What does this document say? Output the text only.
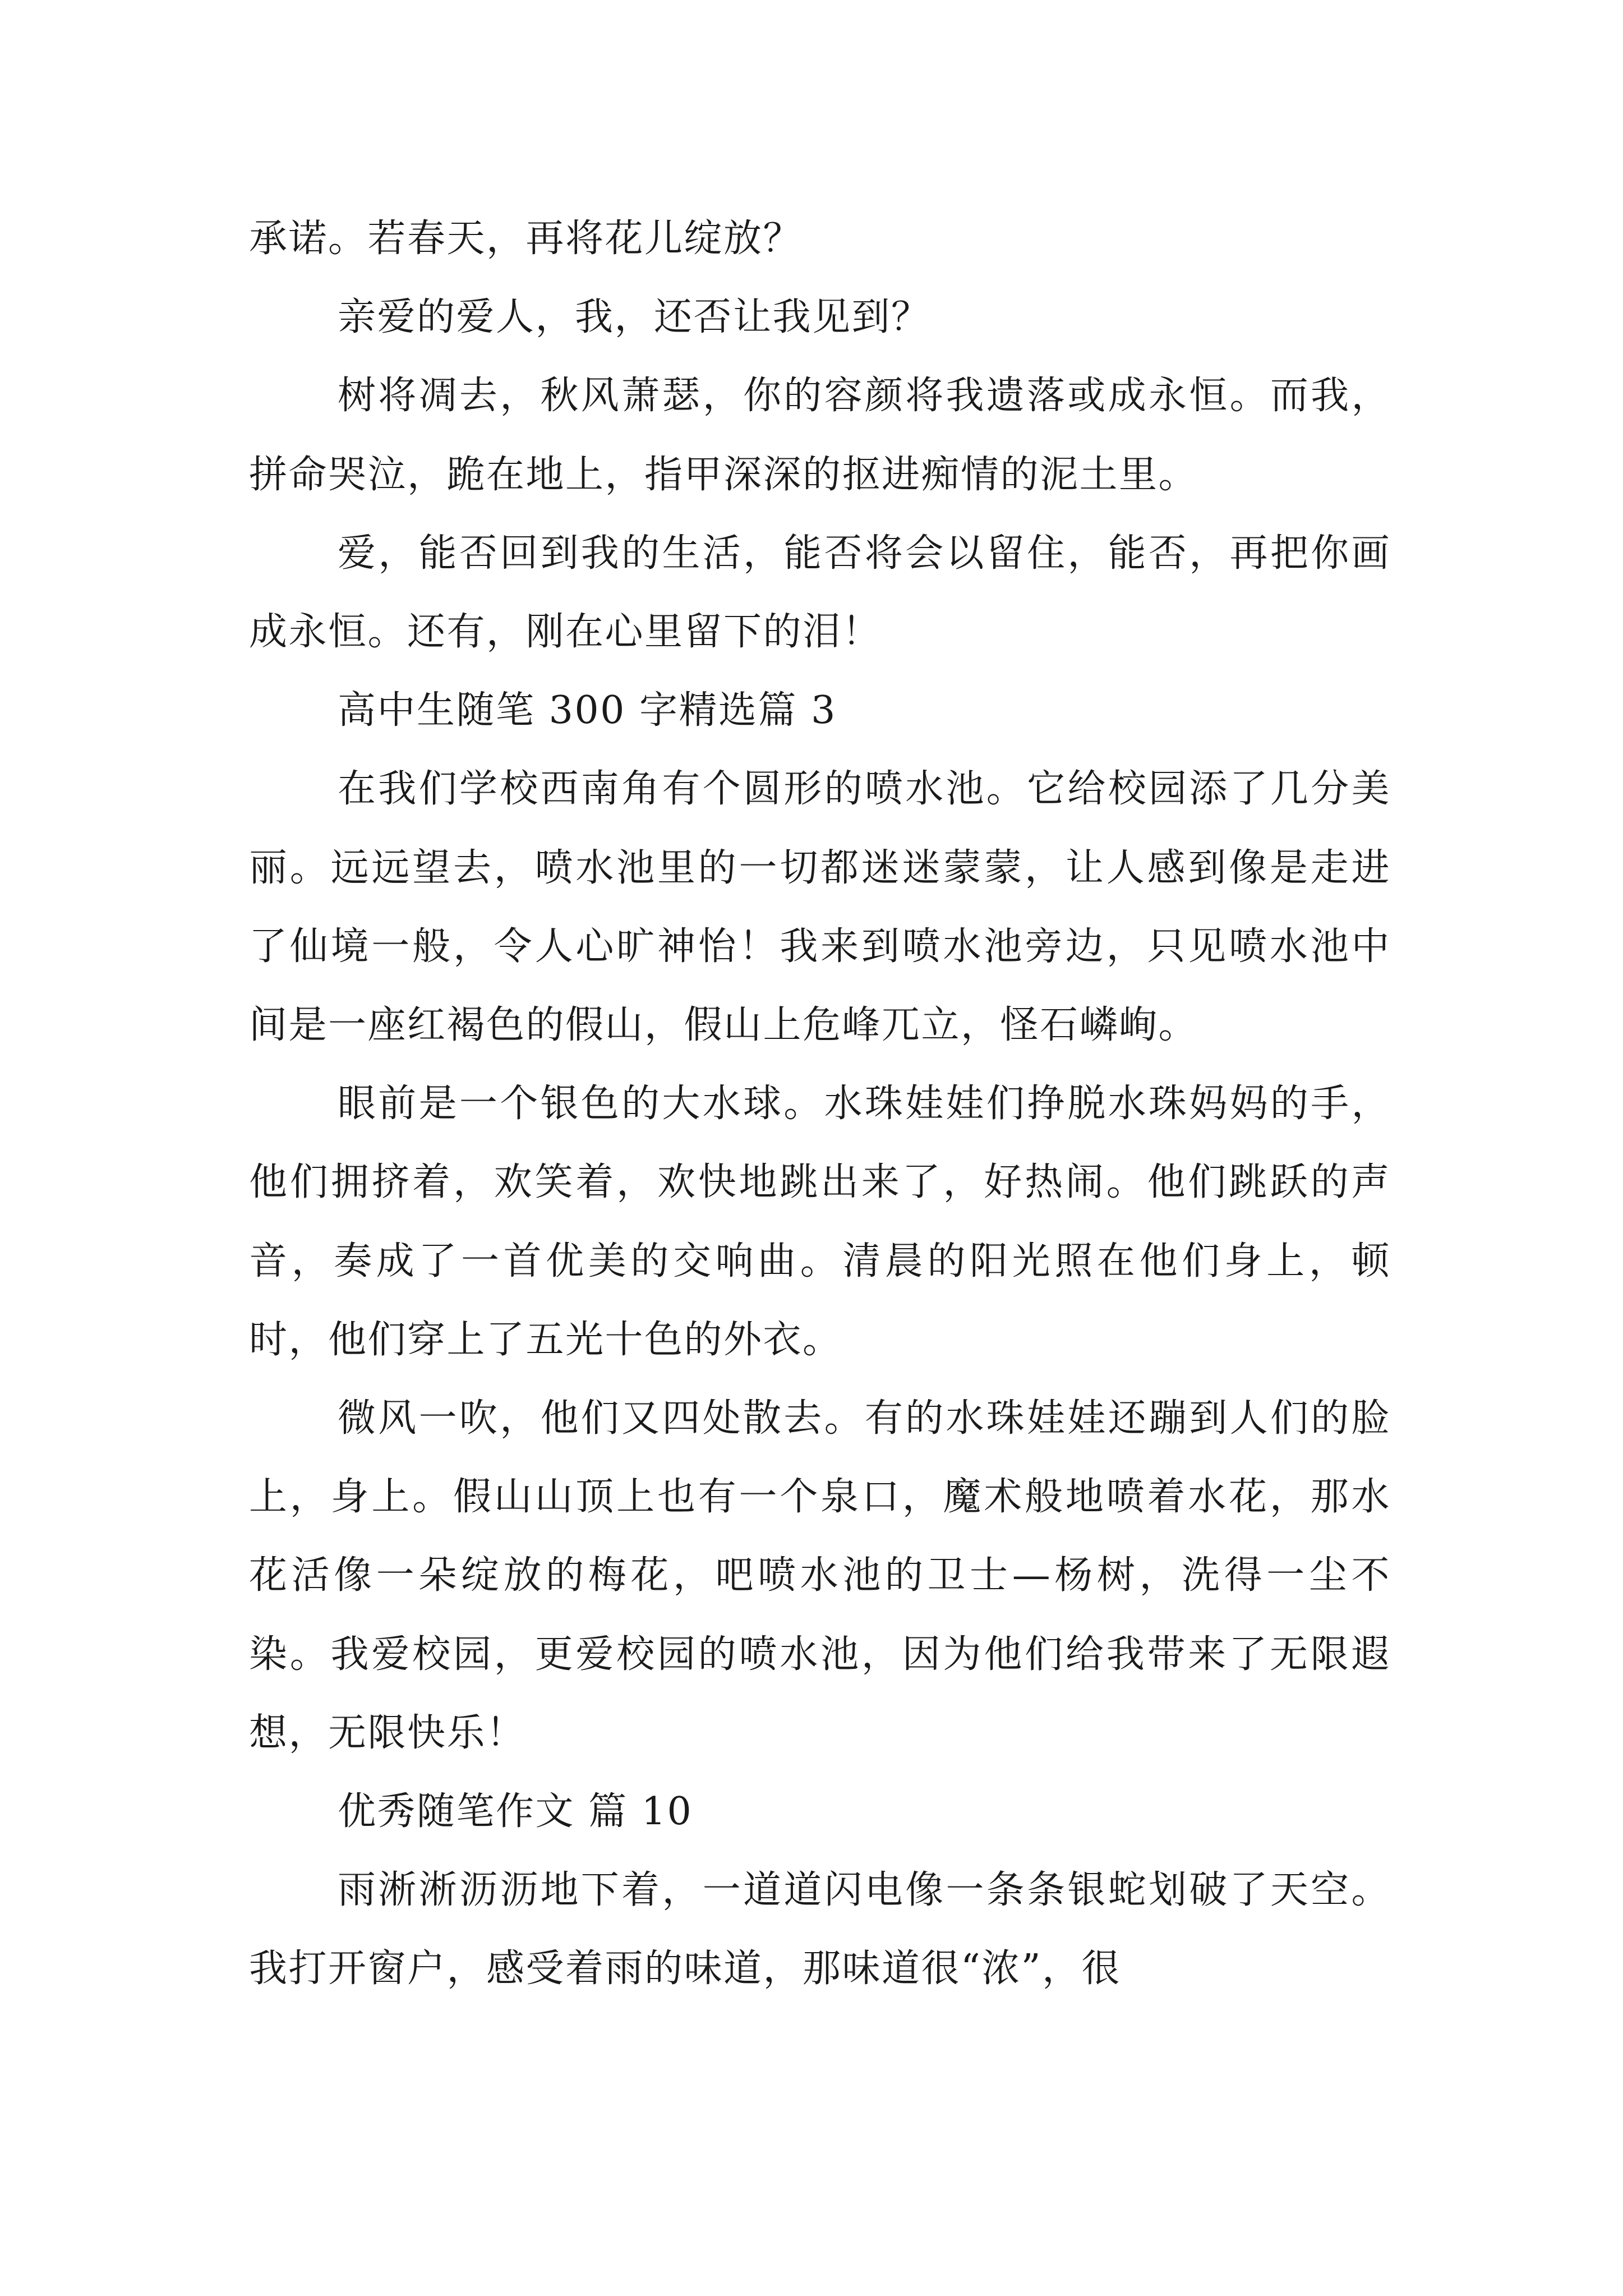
承诺。若春天，再将花儿绽放？

亲爱的爱人，我，还否让我见到？

树将凋去，秋风萧瑟，你的容颜将我遗落或成永恒。而我，拼命哭泣，跪在地上，指甲深深的抠进痴情的泥土里。

爱，能否回到我的生活，能否将会以留住，能否，再把你画成永恒。还有，刚在心里留下的泪！

高中生随笔 300 字精选篇 3

在我们学校西南角有个圆形的喷水池。它给校园添了几分美丽。远远望去，喷水池里的一切都迷迷蒙蒙，让人感到像是走进了仙境一般，令人心旷神怡！我来到喷水池旁边，只见喷水池中间是一座红褐色的假山，假山上危峰兀立，怪石嶙峋。

眼前是一个银色的大水球。水珠娃娃们挣脱水珠妈妈的手，他们拥挤着，欢笑着，欢快地跳出来了，好热闹。他们跳跃的声音，奏成了一首优美的交响曲。清晨的阳光照在他们身上，顿时，他们穿上了五光十色的外衣。

微风一吹，他们又四处散去。有的水珠娃娃还蹦到人们的脸上，身上。假山山顶上也有一个泉口，魔术般地喷着水花，那水花活像一朵绽放的梅花，吧喷水池的卫士—杨树，洗得一尘不染。我爱校园，更爱校园的喷水池，因为他们给我带来了无限遐想，无限快乐！

优秀随笔作文 篇 10

雨淅淅沥沥地下着，一道道闪电像一条条银蛇划破了天空。我打开窗户，感受着雨的味道，那味道很“浓”，很
